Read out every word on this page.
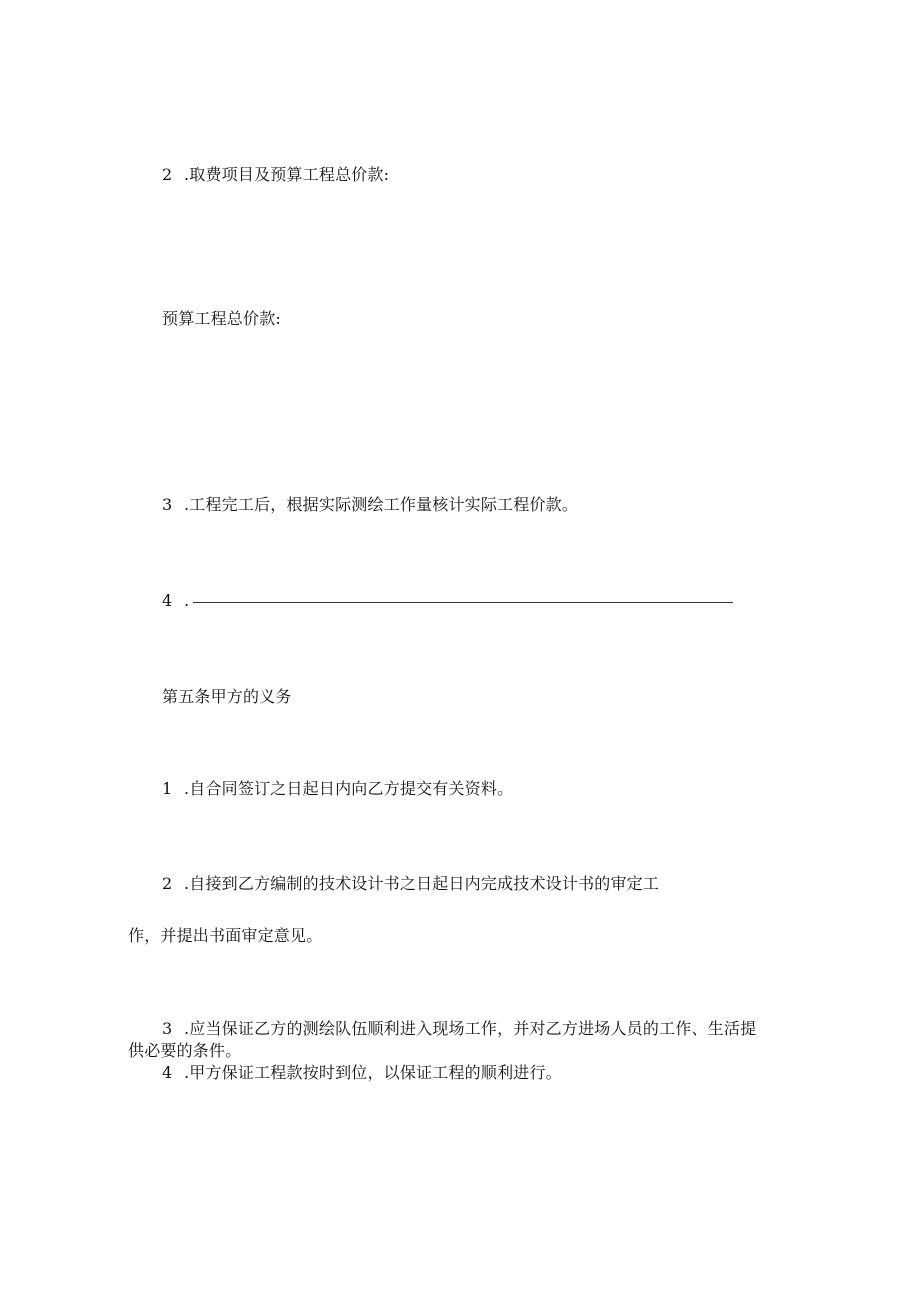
2 .取费项目及预算工程总价款:
预算工程总价款:
3 .工程完工后，根据实际测绘工作量核计实际工程价款。
4 .
第五条甲方的义务
1 .自合同签订之日起日内向乙方提交有关资料。
2 .自接到乙方编制的技术设计书之日起日内完成技术设计书的审定工
作，并提出书面审定意见。
3 .应当保证乙方的测绘队伍顺利进入现场工作，并对乙方进场人员的工作、生活提
供必要的条件。
4 .甲方保证工程款按时到位，以保证工程的顺利进行。
